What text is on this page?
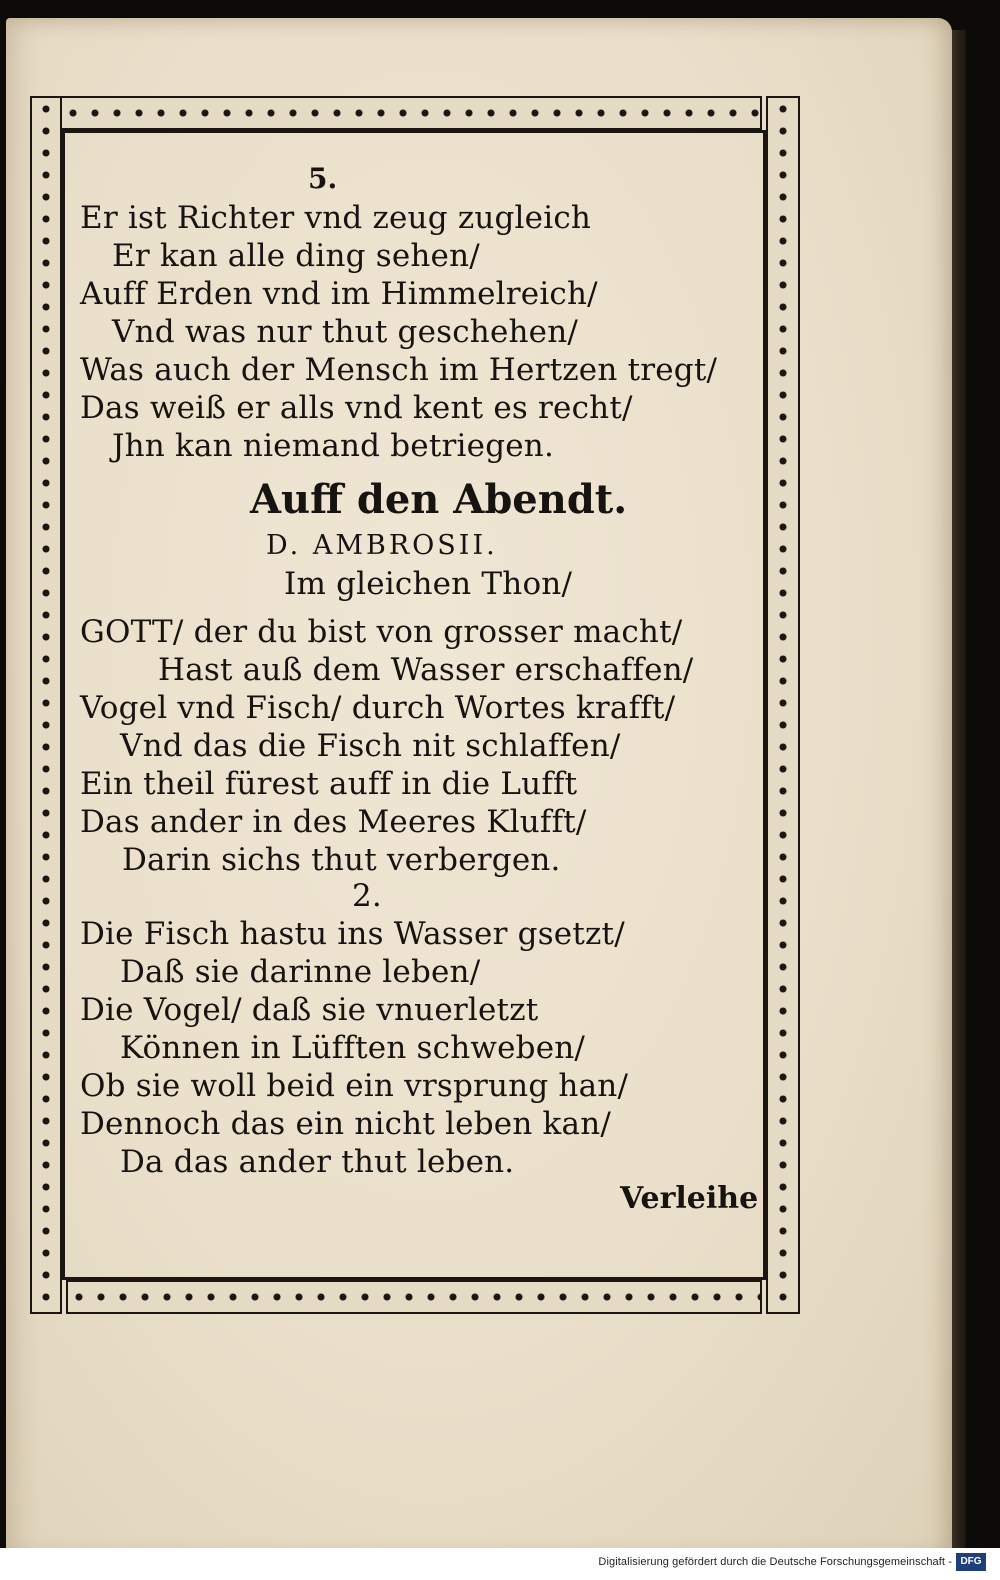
5.
Er ist Richter vnd zeug zugleich
Er kan alle ding sehen/
Auff Erden vnd im Himmelreich/
Vnd was nur thut geschehen/
Was auch der Mensch im Hertzen tregt/
Das weiß er alls vnd kent es recht/
Jhn kan niemand betriegen.
Auff den Abendt.
D. AMBROSII.
Im gleichen Thon/
GOTT/ der du bist von grosser macht/
Hast auß dem Wasser erschaffen/
Vogel vnd Fisch/ durch Wortes krafft/
Vnd das die Fisch nit schlaffen/
Ein theil fürest auff in die Lufft
Das ander in des Meeres Klufft/
Darin sichs thut verbergen.
2.
Die Fisch hastu ins Wasser gsetzt/
Daß sie darinne leben/
Die Vogel/ daß sie vnuerletzt
Können in Lüfften schweben/
Ob sie woll beid ein vrsprung han/
Dennoch das ein nicht leben kan/
Da das ander thut leben.
Verleihe
Digitalisierung gefördert durch die Deutsche Forschungsgemeinschaft - DFG
